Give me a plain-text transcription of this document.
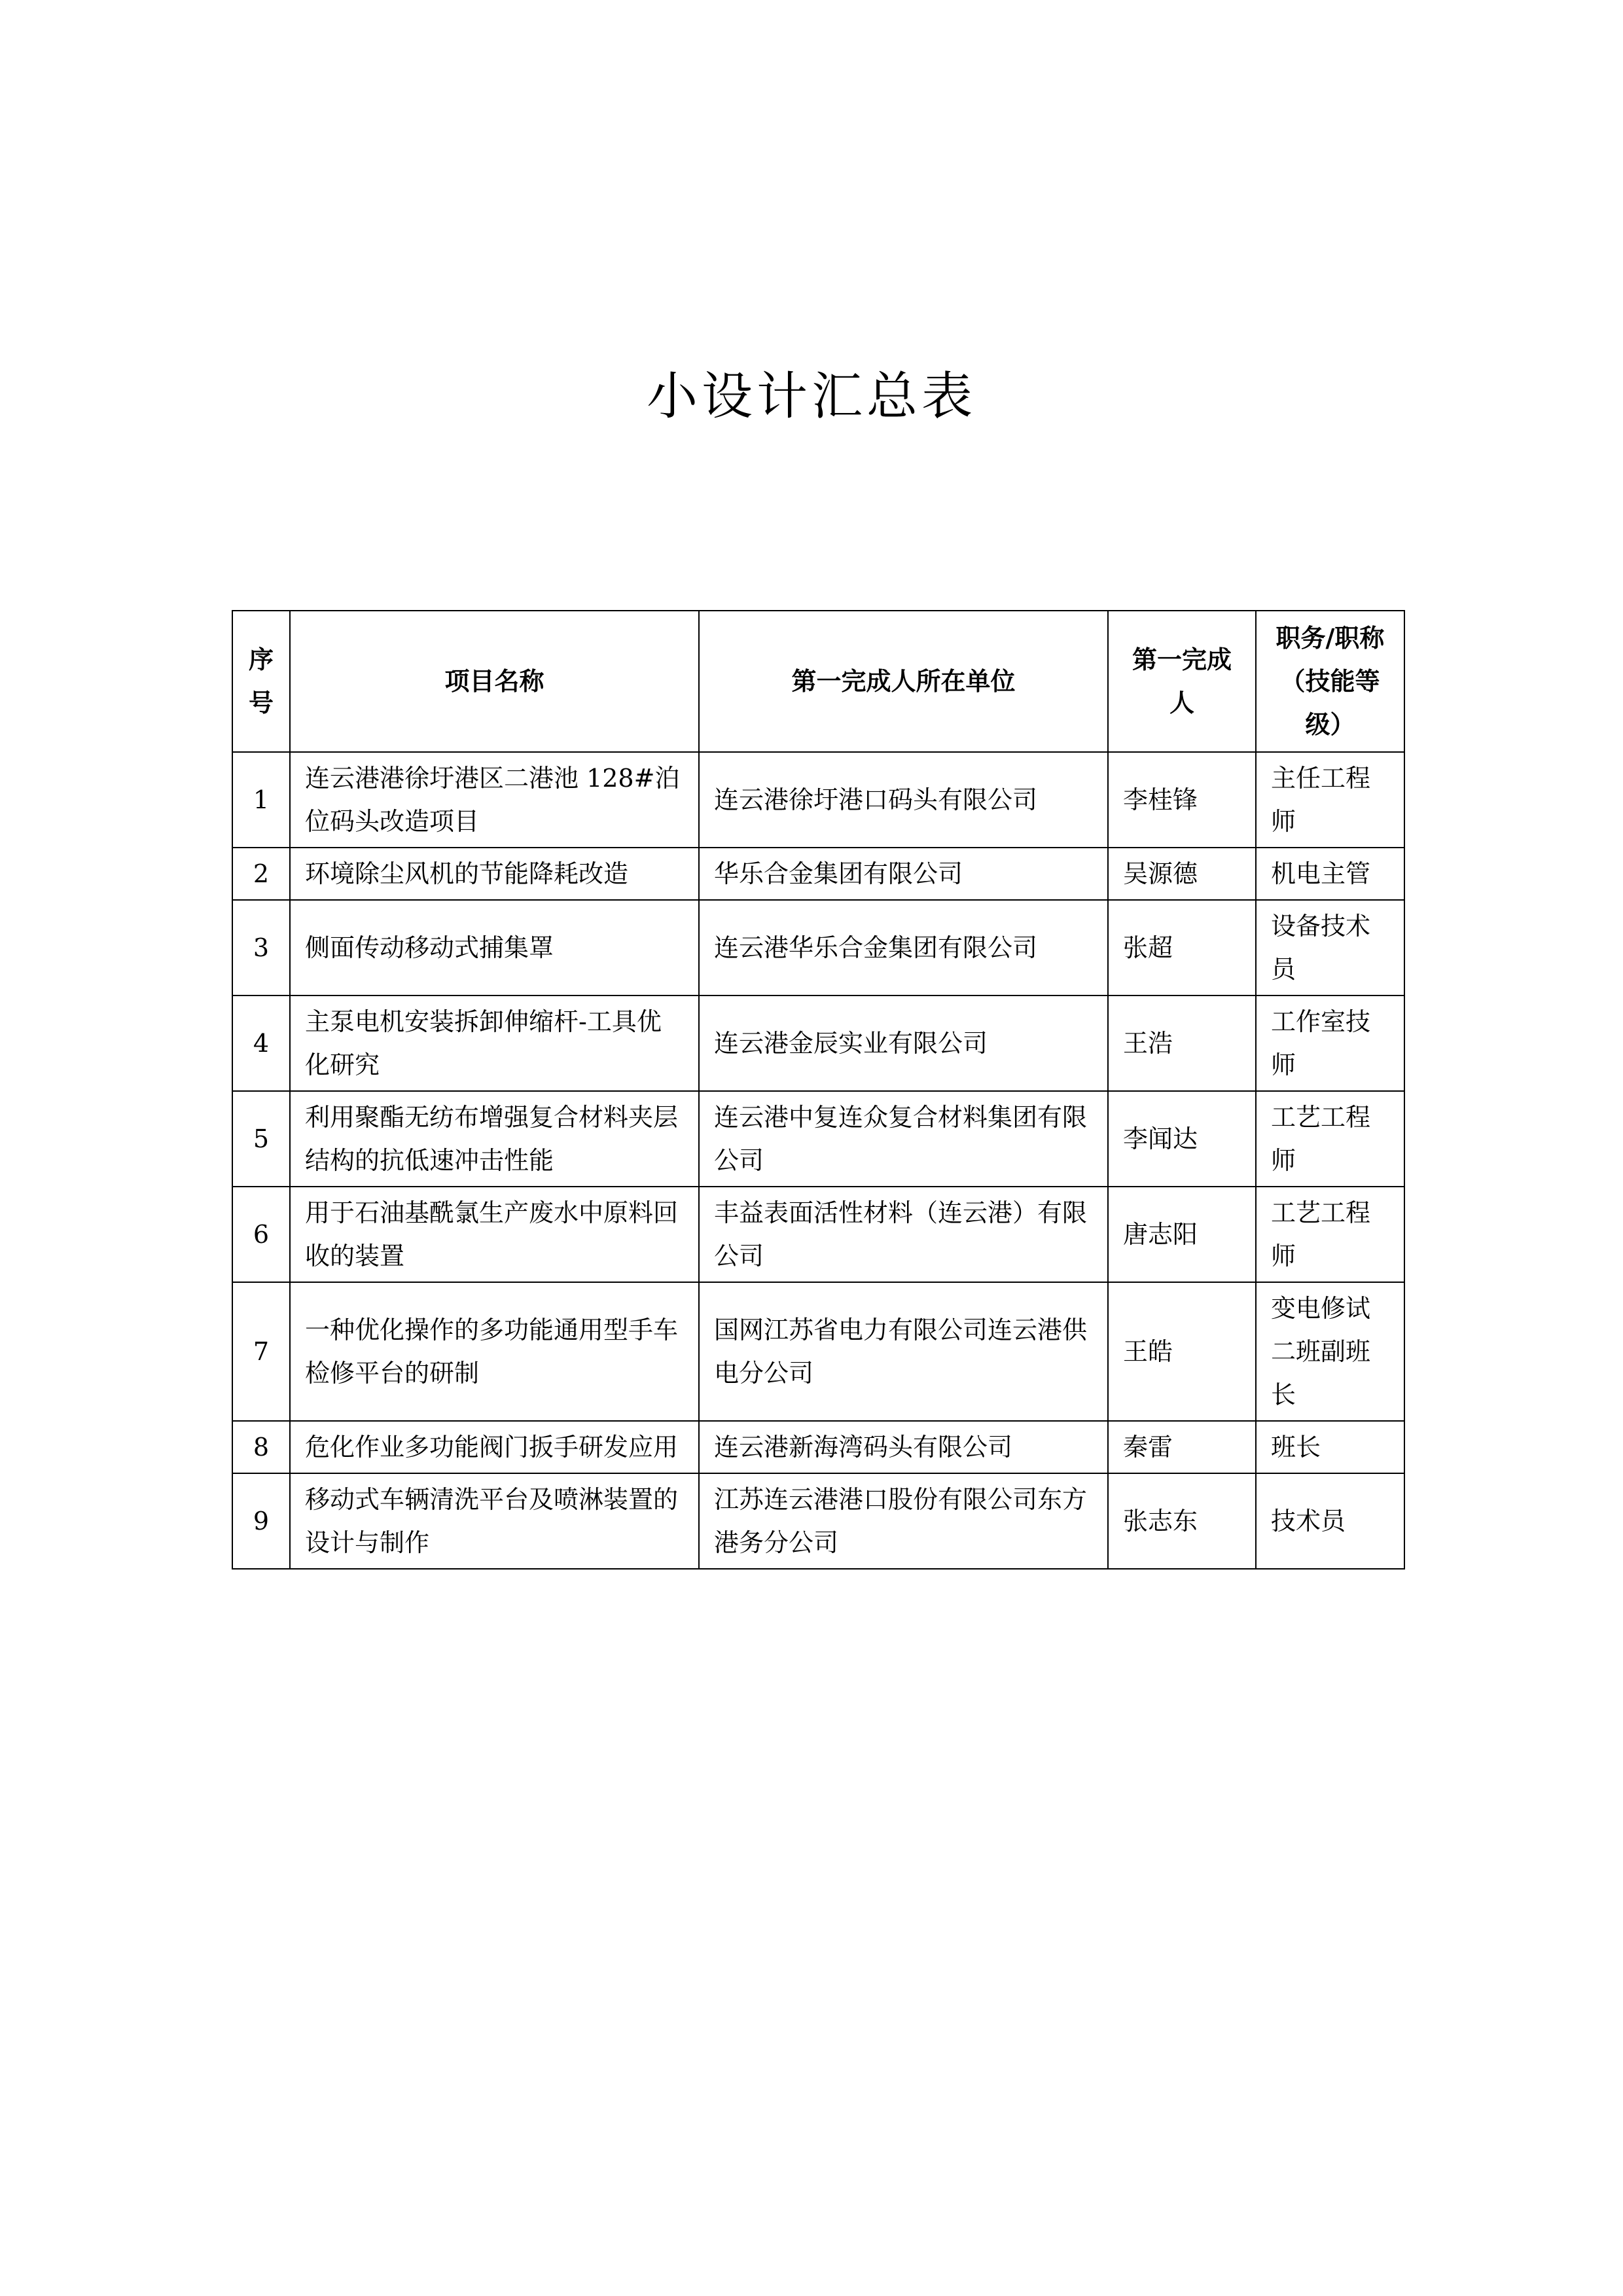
小设计汇总表
序号	项目名称	第一完成人所在单位	第一完成人	职务/职称（技能等级）
1	连云港港徐圩港区二港池 128#泊位码头改造项目	连云港徐圩港口码头有限公司	李桂锋	主任工程师
2	环境除尘风机的节能降耗改造	华乐合金集团有限公司	吴源德	机电主管
3	侧面传动移动式捕集罩	连云港华乐合金集团有限公司	张超	设备技术员
4	主泵电机安装拆卸伸缩杆-工具优化研究	连云港金辰实业有限公司	王浩	工作室技师
5	利用聚酯无纺布增强复合材料夹层结构的抗低速冲击性能	连云港中复连众复合材料集团有限公司	李闻达	工艺工程师
6	用于石油基酰氯生产废水中原料回收的装置	丰益表面活性材料（连云港）有限公司	唐志阳	工艺工程师
7	一种优化操作的多功能通用型手车检修平台的研制	国网江苏省电力有限公司连云港供电分公司	王皓	变电修试二班副班长
8	危化作业多功能阀门扳手研发应用	连云港新海湾码头有限公司	秦雷	班长
9	移动式车辆清洗平台及喷淋装置的设计与制作	江苏连云港港口股份有限公司东方港务分公司	张志东	技术员
